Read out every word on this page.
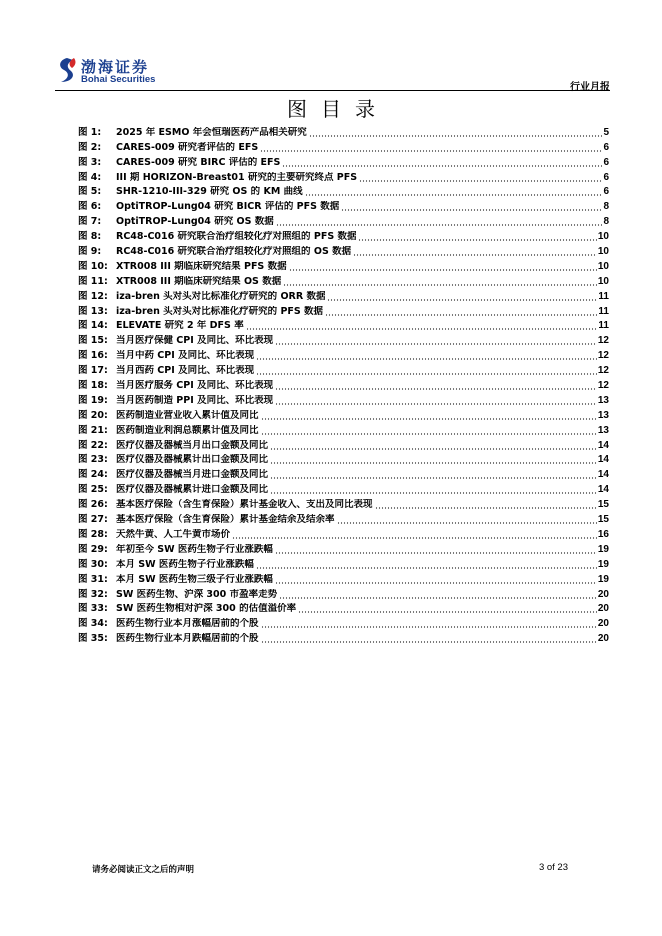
渤海证券
Bohai Securities
行业月报
图目录
图 1:	2025 年 ESMO 年会恒瑞医药产品相关研究	5
图 2:	CARES-009 研究者评估的 EFS	6
图 3:	CARES-009 研究 BIRC 评估的 EFS	6
图 4:	III 期 HORIZON-Breast01 研究的主要研究终点 PFS	6
图 5:	SHR-1210-III-329 研究 OS 的 KM 曲线	6
图 6:	OptiTROP-Lung04 研究 BICR 评估的 PFS 数据	8
图 7:	OptiTROP-Lung04 研究 OS 数据	8
图 8:	RC48-C016 研究联合治疗组较化疗对照组的 PFS 数据	10
图 9:	RC48-C016 研究联合治疗组较化疗对照组的 OS 数据	10
图 10: XTR008 III 期临床研究结果 PFS 数据	10
图 11: XTR008 III 期临床研究结果 OS 数据	10
图 12: iza-bren 头对头对比标准化疗研究的 ORR 数据	11
图 13: iza-bren 头对头对比标准化疗研究的 PFS 数据	11
图 14: ELEVATE 研究 2 年 DFS 率	11
图 15: 当月医疗保健 CPI 及同比、环比表现	12
图 16: 当月中药 CPI 及同比、环比表现	12
图 17: 当月西药 CPI 及同比、环比表现	12
图 18: 当月医疗服务 CPI 及同比、环比表现	12
图 19: 当月医药制造 PPI 及同比、环比表现	13
图 20: 医药制造业营业收入累计值及同比	13
图 21: 医药制造业利润总额累计值及同比	13
图 22: 医疗仪器及器械当月出口金额及同比	14
图 23: 医疗仪器及器械累计出口金额及同比	14
图 24: 医疗仪器及器械当月进口金额及同比	14
图 25: 医疗仪器及器械累计进口金额及同比	14
图 26: 基本医疗保险（含生育保险）累计基金收入、支出及同比表现	15
图 27: 基本医疗保险（含生育保险）累计基金结余及结余率	15
图 28: 天然牛黄、人工牛黄市场价	16
图 29: 年初至今 SW 医药生物子行业涨跌幅	19
图 30: 本月 SW 医药生物子行业涨跌幅	19
图 31: 本月 SW 医药生物三级子行业涨跌幅	19
图 32: SW 医药生物、沪深 300 市盈率走势	20
图 33: SW 医药生物相对沪深 300 的估值溢价率	20
图 34: 医药生物行业本月涨幅居前的个股	20
图 35: 医药生物行业本月跌幅居前的个股	20
请务必阅读正文之后的声明	3 of 23
